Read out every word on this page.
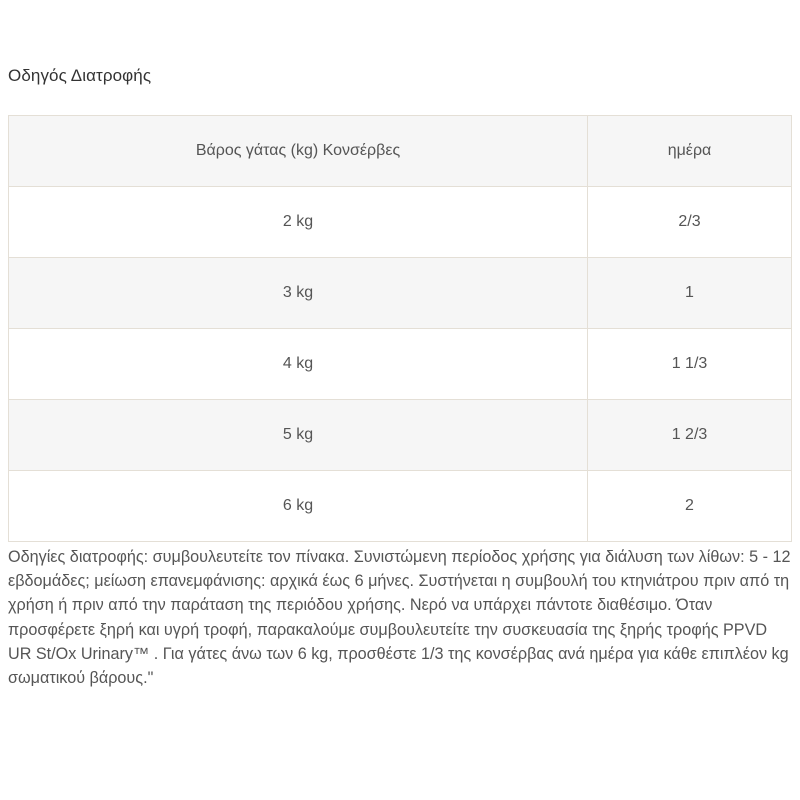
Οδηγός Διατροφής
Βάρος γάτας (kg) Κονσέρβες	ημέρα
2 kg	2/3
3 kg	1
4 kg	1 1/3
5 kg	1 2/3
6 kg	2

Οδηγίες διατροφής: συμβουλευτείτε τον πίνακα. Συνιστώμενη περίοδος χρήσης για διάλυση των λίθων: 5 - 12 εβδομάδες; μείωση επανεμφάνισης: αρχικά έως 6 μήνες. Συστήνεται η συμβουλή του κτηνιάτρου πριν από τη χρήση ή πριν από την παράταση της περιόδου χρήσης. Νερό να υπάρχει πάντοτε διαθέσιμο. Όταν προσφέρετε ξηρή και υγρή τροφή, παρακαλούμε συμβουλευτείτε την συσκευασία της ξηρής τροφής PPVD UR St/Ox Urinary™ . Για γάτες άνω των 6 kg, προσθέστε 1/3 της κονσέρβας ανά ημέρα για κάθε επιπλέον kg σωματικού βάρους."
